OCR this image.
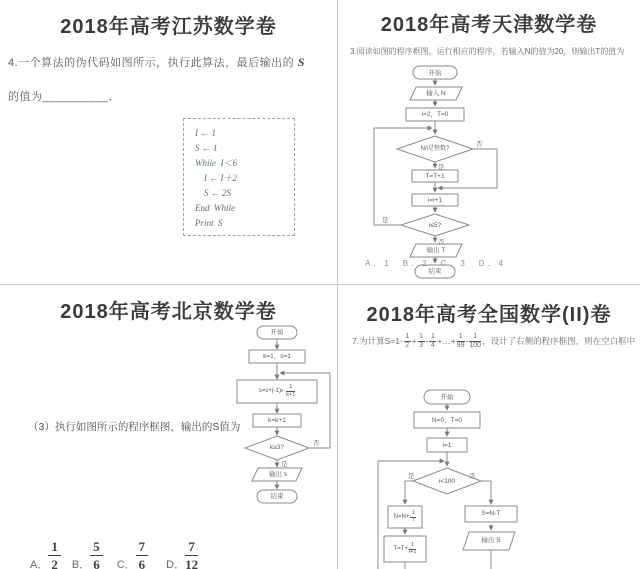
2018年高考江苏数学卷
4.一个算法的伪代码如图所示，执行此算法，最后输出的 S
的值为__________．
I ← 1
S ← 1
While  I＜6
I ← I＋2
S ← 2S
End  While
Print  S
2018年高考天津数学卷
3.阅读如图的程序框图，运行相应的程序，若输入N的值为20，则输出T的值为
开始
输入 N
i=2，T=0
N/i是整数?
否
是
T=T+1
i=i+1
i≤5?
是
否
输出 T
结束
A．1　B．2　C．3　D．4
2018年高考北京数学卷
（3）执行如图所示的程序框图，输出的S值为
开始
k=1，s=1
s=s+(-1) $k \cdot \frac{1}{k+1}$
k=k+1
k≥3?
否
是
输出 s
结束
A．
1
2 B．
5
6 C．
7
6 D．
7
12
2018年高考全国数学(II)卷
7.为计算$S=1- \frac{1}{2} + \frac{1}{3} - \frac{1}{4}$ +…+ $\frac{1}{99} - \frac{1}{100}$ ，设计了右侧的程序框图，则在空白框中
开始
N=0，T=0
i=1
i<100
是	否
$N=N+ \frac{1}{i}$
$T=T+ \frac{1}{i+1}$
S=N-T
输出 S
